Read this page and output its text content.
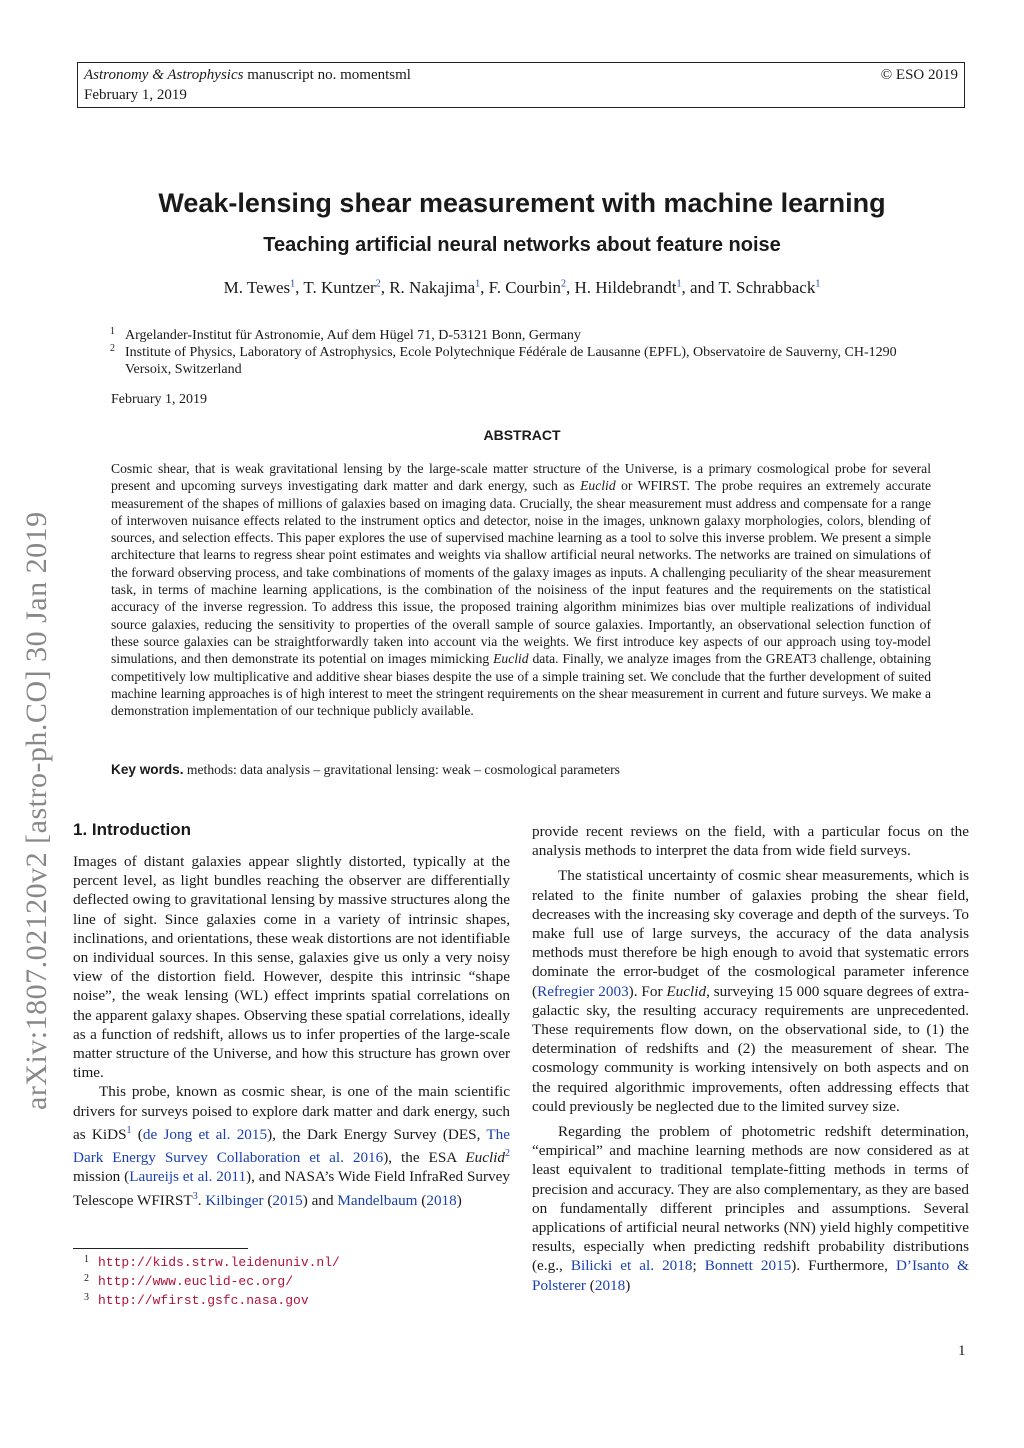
Astronomy & Astrophysics manuscript no. momentsml
February 1, 2019
© ESO 2019
arXiv:1807.02120v2 [astro-ph.CO] 30 Jan 2019
Weak-lensing shear measurement with machine learning
Teaching artificial neural networks about feature noise
M. Tewes$^1$, T. Kuntzer$^2$, R. Nakajima$^1$, F. Courbin$^2$, H. Hildebrandt$^1$, and T. Schrabback$^1$
1 Argelander-Institut für Astronomie, Auf dem Hügel 71, D-53121 Bonn, Germany
2 Institute of Physics, Laboratory of Astrophysics, Ecole Polytechnique Fédérale de Lausanne (EPFL), Observatoire de Sauverny, CH-1290 Versoix, Switzerland
February 1, 2019
ABSTRACT
Cosmic shear, that is weak gravitational lensing by the large-scale matter structure of the Universe, is a primary cosmological probe for several present and upcoming surveys investigating dark matter and dark energy, such as Euclid or WFIRST. The probe requires an extremely accurate measurement of the shapes of millions of galaxies based on imaging data. Crucially, the shear measurement must address and compensate for a range of interwoven nuisance effects related to the instrument optics and detector, noise in the images, unknown galaxy morphologies, colors, blending of sources, and selection effects. This paper explores the use of supervised machine learning as a tool to solve this inverse problem. We present a simple architecture that learns to regress shear point estimates and weights via shallow artificial neural networks. The networks are trained on simulations of the forward observing process, and take combinations of moments of the galaxy images as inputs. A challenging peculiarity of the shear measurement task, in terms of machine learning applications, is the combination of the noisiness of the input features and the requirements on the statistical accuracy of the inverse regression. To address this issue, the proposed training algorithm minimizes bias over multiple realizations of individual source galaxies, reducing the sensitivity to properties of the overall sample of source galaxies. Importantly, an observational selection function of these source galaxies can be straightforwardly taken into account via the weights. We first introduce key aspects of our approach using toy-model simulations, and then demonstrate its potential on images mimicking Euclid data. Finally, we analyze images from the GREAT3 challenge, obtaining competitively low multiplicative and additive shear biases despite the use of a simple training set. We conclude that the further development of suited machine learning approaches is of high interest to meet the stringent requirements on the shear measurement in current and future surveys. We make a demonstration implementation of our technique publicly available.
Key words. methods: data analysis – gravitational lensing: weak – cosmological parameters
1. Introduction

Images of distant galaxies appear slightly distorted, typically at the percent level, as light bundles reaching the observer are differentially deflected owing to gravitational lensing by massive structures along the line of sight. Since galaxies come in a variety of intrinsic shapes, inclinations, and orientations, these weak distortions are not identifiable on individual sources. In this sense, galaxies give us only a very noisy view of the distortion field. However, despite this intrinsic “shape noise”, the weak lensing (WL) effect imprints spatial correlations on the apparent galaxy shapes. Observing these spatial correlations, ideally as a function of redshift, allows us to infer properties of the large-scale matter structure of the Universe, and how this structure has grown over time.

This probe, known as cosmic shear, is one of the main scientific drivers for surveys poised to explore dark matter and dark energy, such as KiDS$^1$ (de Jong et al. 2015), the Dark Energy Survey (DES, The Dark Energy Survey Collaboration et al. 2016), the ESA Euclid$^2$ mission (Laureijs et al. 2011), and NASA’s Wide Field InfraRed Survey Telescope WFIRST$^3$. Kilbinger (2015) and Mandelbaum (2018)

1 http://kids.strw.leidenuniv.nl/
2 http://www.euclid-ec.org/
3 http://wfirst.gsfc.nasa.gov

provide recent reviews on the field, with a particular focus on the analysis methods to interpret the data from wide field surveys.

The statistical uncertainty of cosmic shear measurements, which is related to the finite number of galaxies probing the shear field, decreases with the increasing sky coverage and depth of the surveys. To make full use of large surveys, the accuracy of the data analysis methods must therefore be high enough to avoid that systematic errors dominate the error-budget of the cosmological parameter inference (Refregier 2003). For Euclid, surveying 15 000 square degrees of extra-galactic sky, the resulting accuracy requirements are unprecedented. These requirements flow down, on the observational side, to (1) the determination of redshifts and (2) the measurement of shear. The cosmology community is working intensively on both aspects and on the required algorithmic improvements, often addressing effects that could previously be neglected due to the limited survey size.

Regarding the problem of photometric redshift determination, “empirical” and machine learning methods are now considered as at least equivalent to traditional template-fitting methods in terms of precision and accuracy. They are also complementary, as they are based on fundamentally different principles and assumptions. Several applications of artificial neural networks (NN) yield highly competitive results, especially when predicting redshift probability distributions (e.g., Bilicki et al. 2018; Bonnett 2015). Furthermore, D’Isanto & Polsterer (2018)

1
